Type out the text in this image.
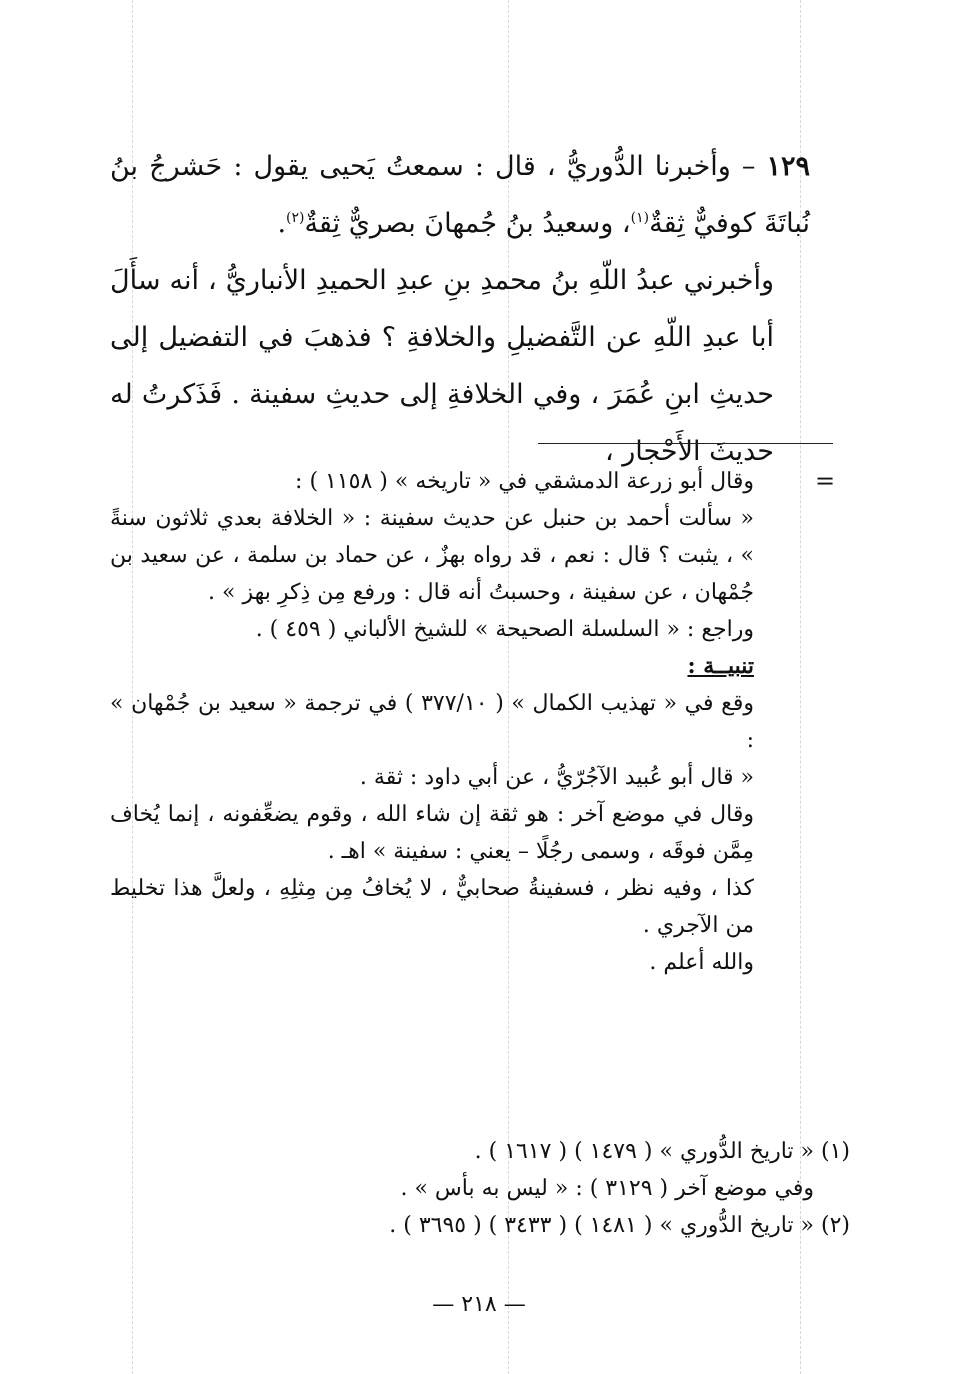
١٢٩ – وأخبرنا الدُّوريُّ ، قال : سمعتُ يَحيى يقول : حَشرجُ بنُ نُباتَةَ كوفيٌّ ثِقةٌ$^{(١)}$، وسعيدُ بنُ جُمهانَ بصريٌّ ثِقةٌ$^{(٢)}$.

وأخبرني عبدُ اللّهِ بنُ محمدِ بنِ عبدِ الحميدِ الأنباريُّ ، أنه سأَلَ أبا عبدِ اللّهِ عن التَّفضيلِ والخلافةِ ؟ فذهبَ في التفضيل إلى حديثِ ابنِ عُمَرَ ، وفي الخلافةِ إلى حديثِ سفينة . فَذَكرتُ له حديثَ الأَحْجار ،

=

وقال أبو زرعة الدمشقي في « تاريخه » ( ١١٥٨ ) :

« سألت أحمد بن حنبل عن حديث سفينة : « الخلافة بعدي ثلاثون سنةً » ، يثبت ؟ قال : نعم ، قد رواه بهزٌ ، عن حماد بن سلمة ، عن سعيد بن جُمْهان ، عن سفينة ، وحسبتُ أنه قال : ورفع مِن ذِكرِ بهز » .

وراجع : « السلسلة الصحيحة » للشيخ الألباني ( ٤٥٩ ) .

تنبيــة :

وقع في « تهذيب الكمال » ( ٣٧٧/١٠ ) في ترجمة « سعيد بن جُمْهان » :

« قال أبو عُبيد الآجُرّيُّ ، عن أبي داود : ثقة .

وقال في موضع آخر : هو ثقة إن شاء الله ، وقوم يضعِّفونه ، إنما يُخاف مِمَّن فوقَه ، وسمى رجُلًا – يعني : سفينة » اهـ .

كذا ، وفيه نظر ، فسفينةُ صحابيٌّ ، لا يُخافُ مِن مِثلِهِ ، ولعلَّ هذا تخليط من الآجري .

والله أعلم .

(١)« تاريخ الدُّوري » ( ١٤٧٩ ) ( ١٦١٧ ) .

وفي موضع آخر ( ٣١٢٩ ) : « ليس به بأس » .

(٢)« تاريخ الدُّوري » ( ١٤٨١ ) ( ٣٤٣٣ ) ( ٣٦٩٥ ) .

— ٢١٨ —
